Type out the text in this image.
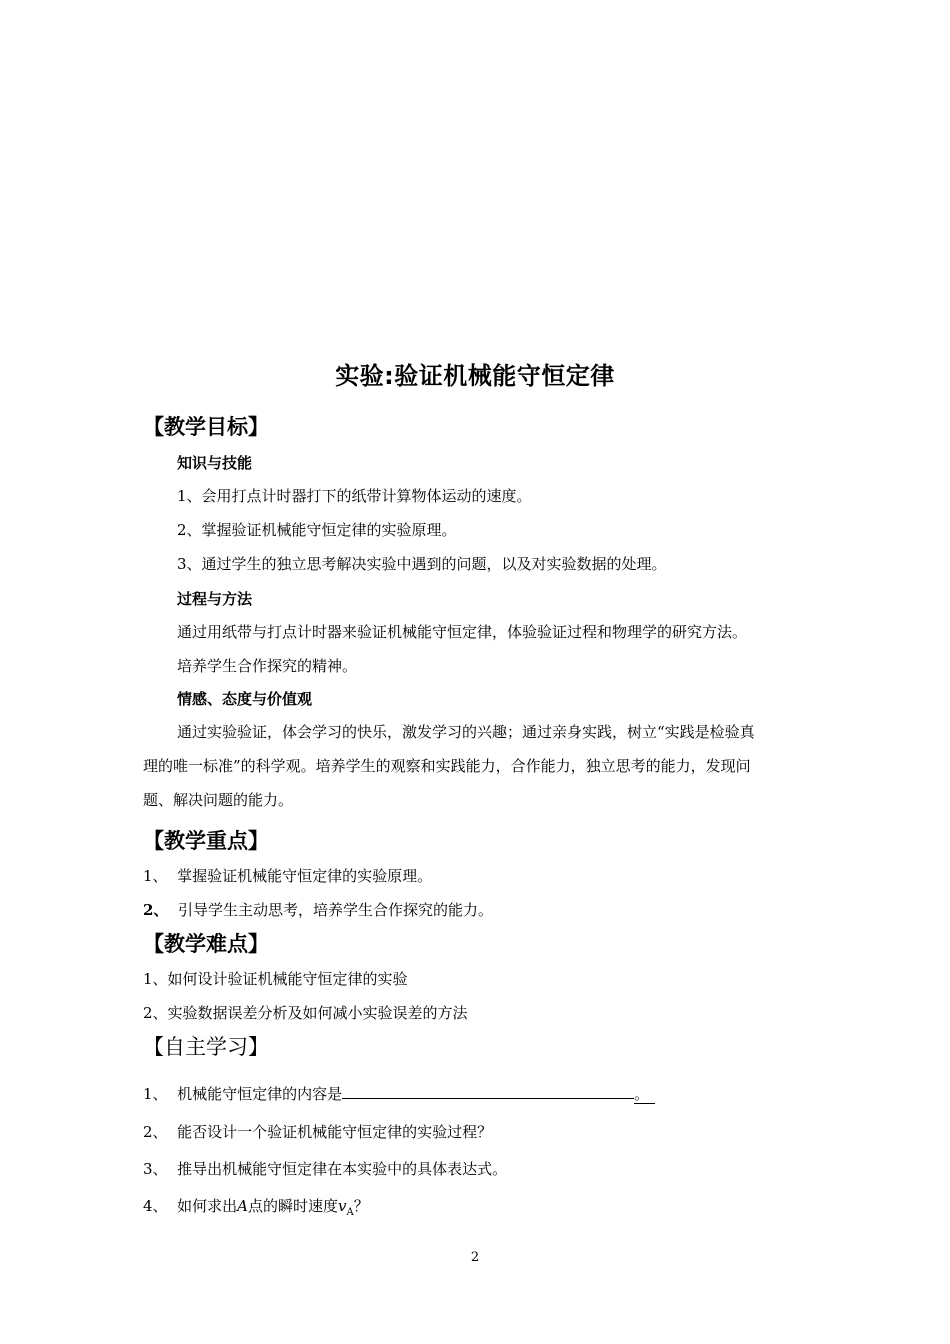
实验:验证机械能守恒定律
【教学目标】
知识与技能
1、会用打点计时器打下的纸带计算物体运动的速度。
2、掌握验证机械能守恒定律的实验原理。
3、通过学生的独立思考解决实验中遇到的问题，以及对实验数据的处理。
过程与方法
通过用纸带与打点计时器来验证机械能守恒定律，体验验证过程和物理学的研究方法。
培养学生合作探究的精神。
情感、态度与价值观
通过实验验证，体会学习的快乐，激发学习的兴趣；通过亲身实践，树立“实践是检验真
理的唯一标准”的科学观。培养学生的观察和实践能力，合作能力，独立思考的能力，发现问
题、解决问题的能力。
【教学重点】
1、 掌握验证机械能守恒定律的实验原理。
2、 引导学生主动思考，培养学生合作探究的能力。
【教学难点】
1、如何设计验证机械能守恒定律的实验
2、实验数据误差分析及如何减小实验误差的方法
【自主学习】
1、 机械能守恒定律的内容是	。
2、 能否设计一个验证机械能守恒定律的实验过程？
3、 推导出机械能守恒定律在本实验中的具体表达式。
4、 如何求出A点的瞬时速度$v_A$？
2
